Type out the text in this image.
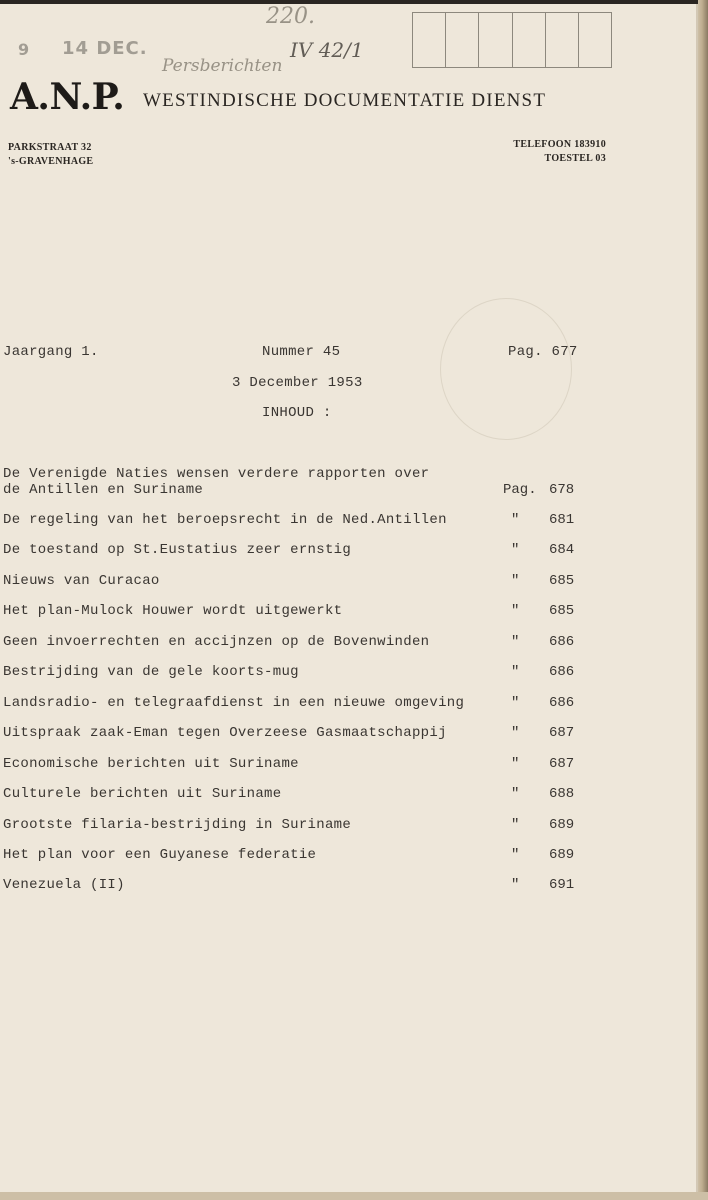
9 14 DEC.
220.
IV 42/1
Persberichten
A.N.P. WESTINDISCHE DOCUMENTATIE DIENST
PARKSTRAAT 32
's-GRAVENHAGE
TELEFOON 183910
TOESTEL 03
Jaargang 1.	Nummer 45	Pag. 677
3 December 1953
INHOUD :
De Verenigde Naties wensen verdere rapporten over
de Antillen en Suriname	Pag. 678
De regeling van het beroepsrecht in de Ned.Antillen	" 681
De toestand op St.Eustatius zeer ernstig	" 684
Nieuws van Curacao	" 685
Het plan-Mulock Houwer wordt uitgewerkt	" 685
Geen invoerrechten en accijnzen op de Bovenwinden	" 686
Bestrijding van de gele koorts-mug	" 686
Landsradio- en telegraafdienst in een nieuwe omgeving	" 686
Uitspraak zaak-Eman tegen Overzeese Gasmaatschappij	" 687
Economische berichten uit Suriname	" 687
Culturele berichten uit Suriname	" 688
Grootste filaria-bestrijding in Suriname	" 689
Het plan voor een Guyanese federatie	" 689
Venezuela (II)	" 691
